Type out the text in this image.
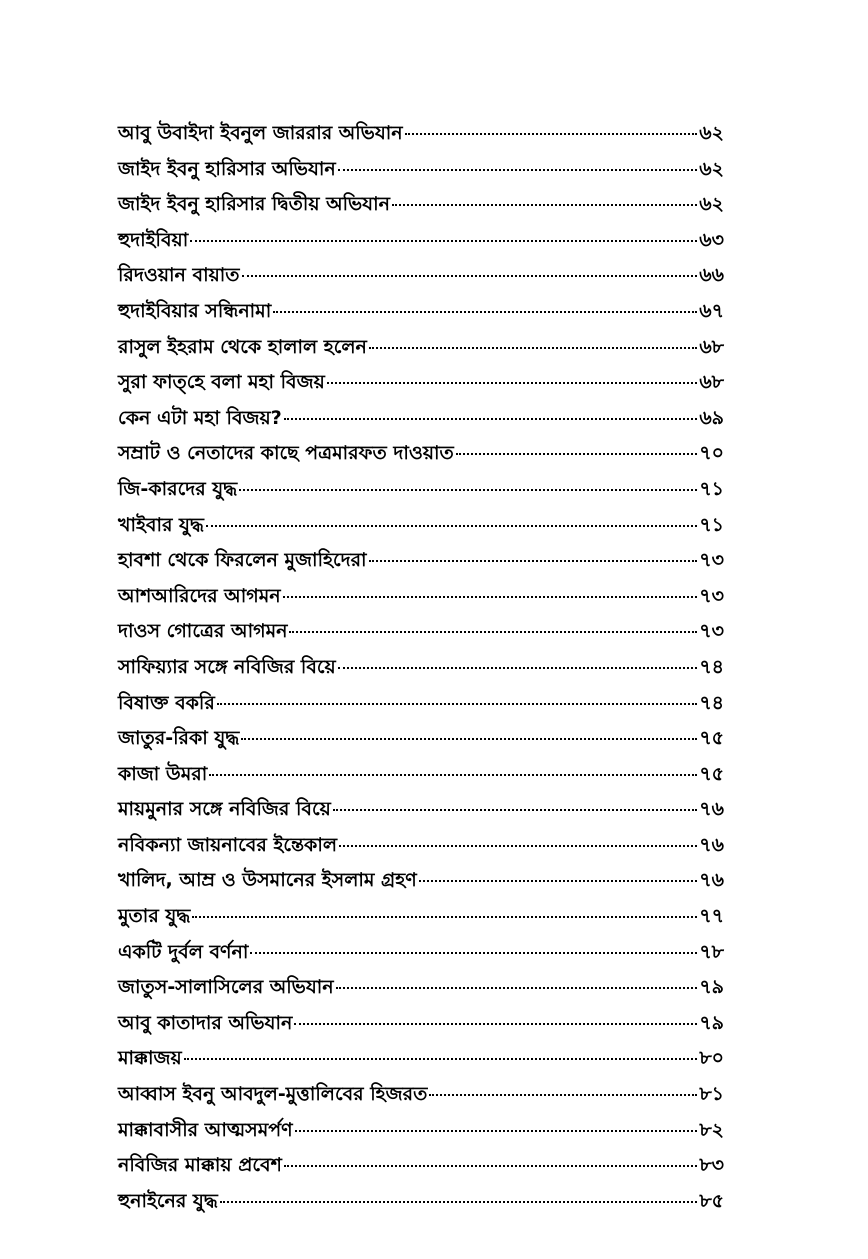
আবু উবাইদা ইবনুল জাররার অভিযান	৬২
জাইদ ইবনু হারিসার অভিযান	৬২
জাইদ ইবনু হারিসার দ্বিতীয় অভিযান	৬২
হুদাইবিয়া	৬৩
রিদওয়ান বায়াত	৬৬
হুদাইবিয়ার সন্ধিনামা	৬৭
রাসুল ইহরাম থেকে হালাল হলেন	৬৮
সুরা ফাত্‌হে বলা মহা বিজয়	৬৮
কেন এটা মহা বিজয়?	৬৯
সম্রাট ও নেতাদের কাছে পত্রমারফত দাওয়াত	৭০
জি-কারদের যুদ্ধ	৭১
খাইবার যুদ্ধ	৭১
হাবশা থেকে ফিরলেন মুজাহিদেরা	৭৩
আশআরিদের আগমন	৭৩
দাওস গোত্রের আগমন	৭৩
সাফিয়্যার সঙ্গে নবিজির বিয়ে	৭৪
বিষাক্ত বকরি	৭৪
জাতুর-রিকা যুদ্ধ	৭৫
কাজা উমরা	৭৫
মায়মুনার সঙ্গে নবিজির বিয়ে	৭৬
নবিকন্যা জায়নাবের ইন্তেকাল	৭৬
খালিদ, আম্র ও উসমানের ইসলাম গ্রহণ	৭৬
মুতার যুদ্ধ	৭৭
একটি দুর্বল বর্ণনা	৭৮
জাতুস-সালাসিলের অভিযান	৭৯
আবু কাতাদার অভিযান	৭৯
মাক্কাজয়	৮০
আব্বাস ইবনু আবদুল-মুত্তালিবের হিজরত	৮১
মাক্কাবাসীর আত্মসমর্পণ	৮২
নবিজির মাক্কায় প্রবেশ	৮৩
হুনাইনের যুদ্ধ	৮৫
